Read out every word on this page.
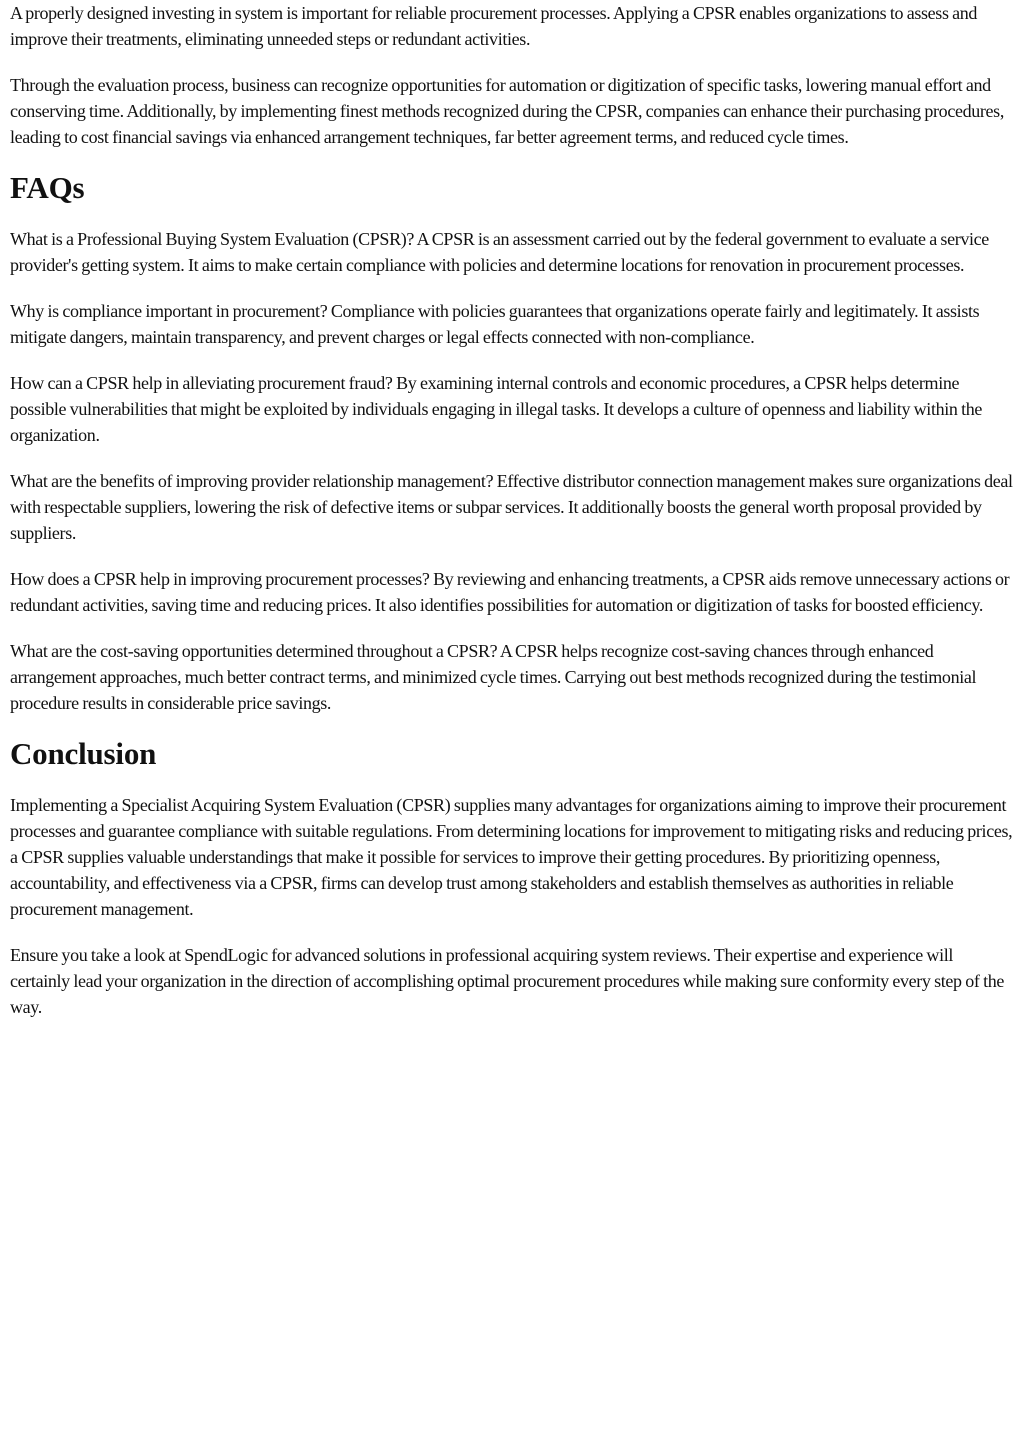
A properly designed investing in system is important for reliable procurement processes. Applying a CPSR enables organizations to assess and improve their treatments, eliminating unneeded steps or redundant activities.

Through the evaluation process, business can recognize opportunities for automation or digitization of specific tasks, lowering manual effort and conserving time. Additionally, by implementing finest methods recognized during the CPSR, companies can enhance their purchasing procedures, leading to cost financial savings via enhanced arrangement techniques, far better agreement terms, and reduced cycle times.

FAQs

What is a Professional Buying System Evaluation (CPSR)? A CPSR is an assessment carried out by the federal government to evaluate a service provider's getting system. It aims to make certain compliance with policies and determine locations for renovation in procurement processes.

Why is compliance important in procurement? Compliance with policies guarantees that organizations operate fairly and legitimately. It assists mitigate dangers, maintain transparency, and prevent charges or legal effects connected with non-compliance.

How can a CPSR help in alleviating procurement fraud? By examining internal controls and economic procedures, a CPSR helps determine possible vulnerabilities that might be exploited by individuals engaging in illegal tasks. It develops a culture of openness and liability within the organization.

What are the benefits of improving provider relationship management? Effective distributor connection management makes sure organizations deal with respectable suppliers, lowering the risk of defective items or subpar services. It additionally boosts the general worth proposal provided by suppliers.

How does a CPSR help in improving procurement processes? By reviewing and enhancing treatments, a CPSR aids remove unnecessary actions or redundant activities, saving time and reducing prices. It also identifies possibilities for automation or digitization of tasks for boosted efficiency.

What are the cost-saving opportunities determined throughout a CPSR? A CPSR helps recognize cost-saving chances through enhanced arrangement approaches, much better contract terms, and minimized cycle times. Carrying out best methods recognized during the testimonial procedure results in considerable price savings.

Conclusion

Implementing a Specialist Acquiring System Evaluation (CPSR) supplies many advantages for organizations aiming to improve their procurement processes and guarantee compliance with suitable regulations. From determining locations for improvement to mitigating risks and reducing prices, a CPSR supplies valuable understandings that make it possible for services to improve their getting procedures. By prioritizing openness, accountability, and effectiveness via a CPSR, firms can develop trust among stakeholders and establish themselves as authorities in reliable procurement management.

Ensure you take a look at SpendLogic for advanced solutions in professional acquiring system reviews. Their expertise and experience will certainly lead your organization in the direction of accomplishing optimal procurement procedures while making sure conformity every step of the way.
